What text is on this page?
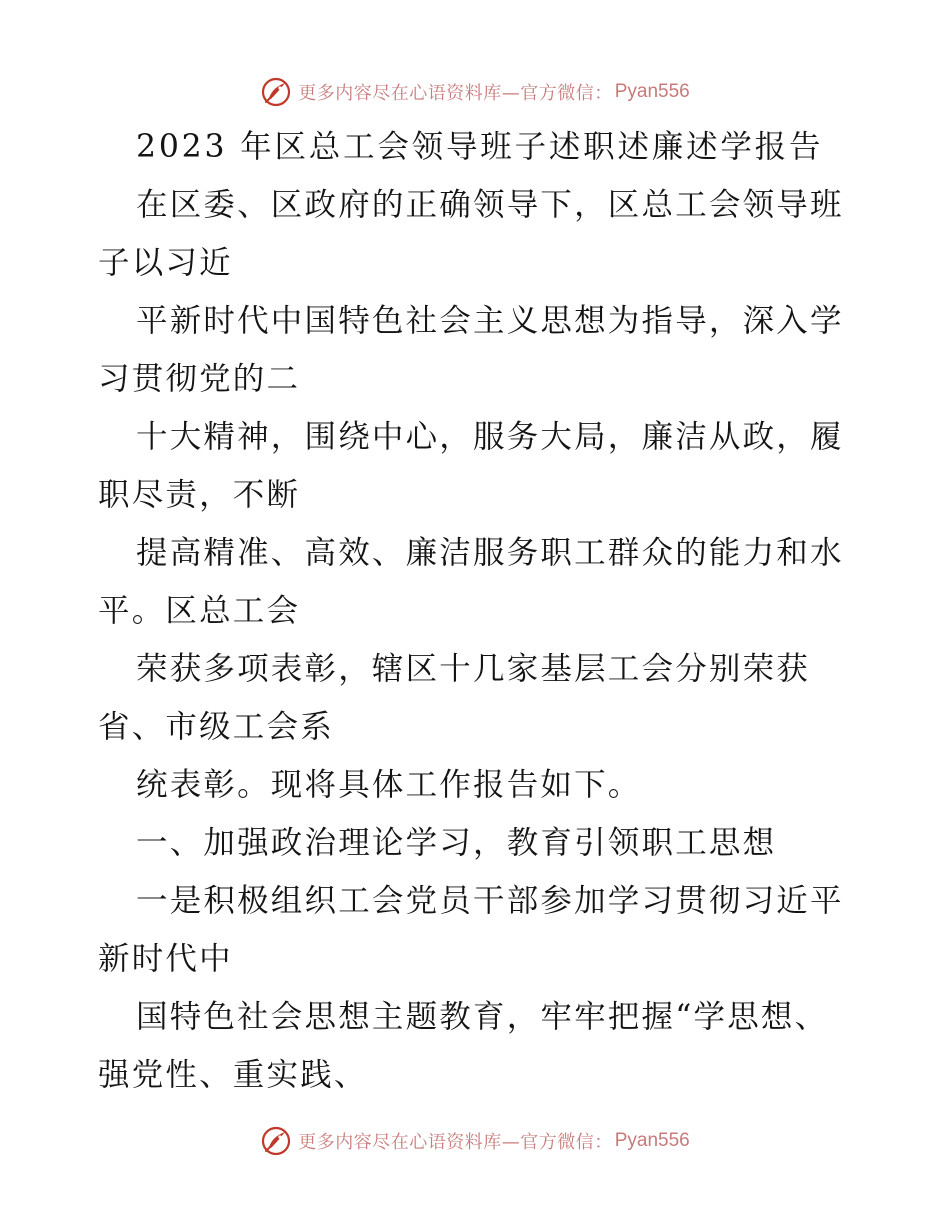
更多内容尽在心语资料库—官方微信： Pyan556
2023 年区总工会领导班子述职述廉述学报告
在区委、区政府的正确领导下，区总工会领导班
子以习近
平新时代中国特色社会主义思想为指导，深入学
习贯彻党的二
十大精神，围绕中心，服务大局，廉洁从政，履
职尽责，不断
提高精准、高效、廉洁服务职工群众的能力和水
平。区总工会
荣获多项表彰，辖区十几家基层工会分别荣获
省、市级工会系
统表彰。现将具体工作报告如下。
一、加强政治理论学习，教育引领职工思想
一是积极组织工会党员干部参加学习贯彻习近平
新时代中
国特色社会思想主题教育，牢牢把握“学思想、
强党性、重实践、
更多内容尽在心语资料库—官方微信： Pyan556
